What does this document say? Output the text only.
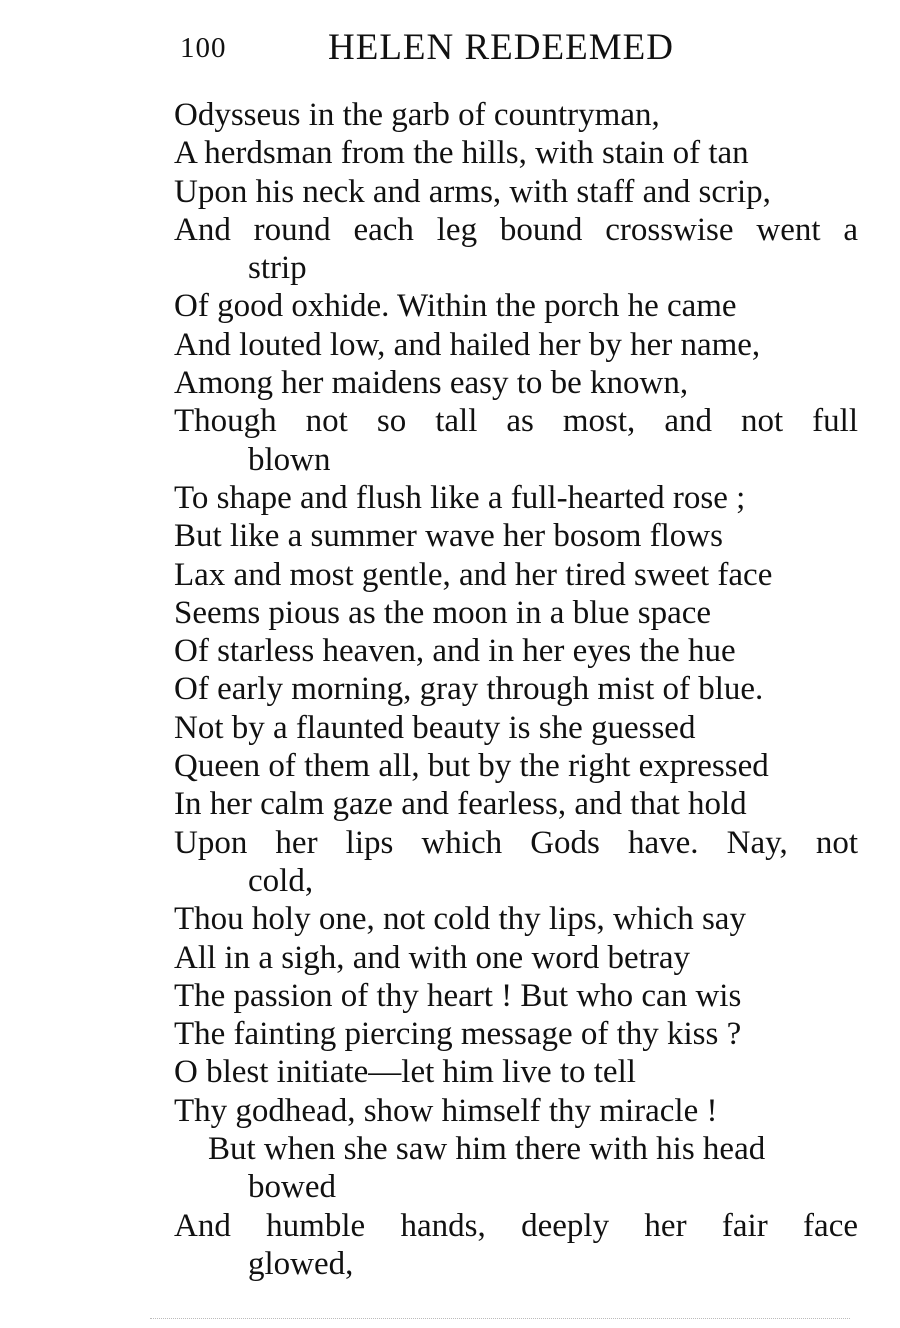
100	HELEN REDEEMED
Odysseus in the garb of countryman,
A herdsman from the hills, with stain of tan
Upon his neck and arms, with staff and scrip,
And round each leg bound crosswise went a
strip
Of good oxhide. Within the porch he came
And louted low, and hailed her by her name,
Among her maidens easy to be known,
Though not so tall as most, and not full
blown
To shape and flush like a full-hearted rose ;
But like a summer wave her bosom flows
Lax and most gentle, and her tired sweet face
Seems pious as the moon in a blue space
Of starless heaven, and in her eyes the hue
Of early morning, gray through mist of blue.
Not by a flaunted beauty is she guessed
Queen of them all, but by the right expressed
In her calm gaze and fearless, and that hold
Upon her lips which Gods have. Nay, not
cold,
Thou holy one, not cold thy lips, which say
All in a sigh, and with one word betray
The passion of thy heart ! But who can wis
The fainting piercing message of thy kiss ?
O blest initiate—let him live to tell
Thy godhead, show himself thy miracle !
But when she saw him there with his head
bowed
And humble hands, deeply her fair face
glowed,
